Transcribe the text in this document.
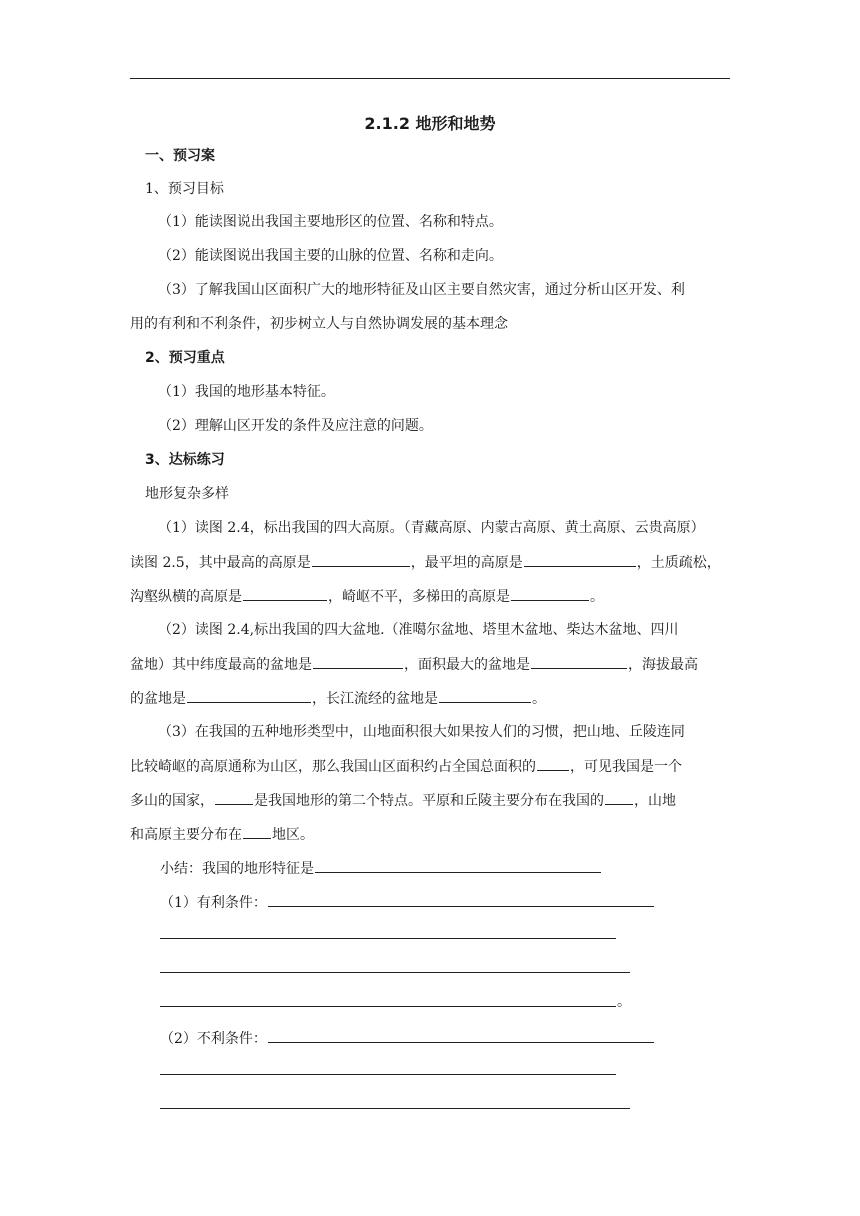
2.1.2 地形和地势
一、预习案
1、预习目标
（1）能读图说出我国主要地形区的位置、名称和特点。
（2）能读图说出我国主要的山脉的位置、名称和走向。
（3）了解我国山区面积广大的地形特征及山区主要自然灾害，通过分析山区开发、利
用的有利和不利条件，初步树立人与自然协调发展的基本理念
2、预习重点
（1）我国的地形基本特征。
（2）理解山区开发的条件及应注意的问题。
3、达标练习
地形复杂多样
（1）读图 2.4，标出我国的四大高原。（青藏高原、内蒙古高原、黄土高原、云贵高原）
读图 2.5，其中最高的高原是	，最平坦的高原是	，土质疏松，
沟壑纵横的高原是	，崎岖不平，多梯田的高原是	。
（2）读图 2.4,标出我国的四大盆地.（准噶尔盆地、塔里木盆地、柴达木盆地、四川
盆地）其中纬度最高的盆地是	，面积最大的盆地是	，海拔最高
的盆地是	，长江流经的盆地是	。
（3）在我国的五种地形类型中，山地面积很大如果按人们的习惯，把山地、丘陵连同
比较崎岖的高原通称为山区，那么我国山区面积约占全国总面积的 ，可见我国是一个
多山的国家，	是我国地形的第二个特点。平原和丘陵主要分布在我国的 ，山地
和高原主要分布在 地区。
小结：我国的地形特征是
（1）有利条件：
。
（2）不利条件：
